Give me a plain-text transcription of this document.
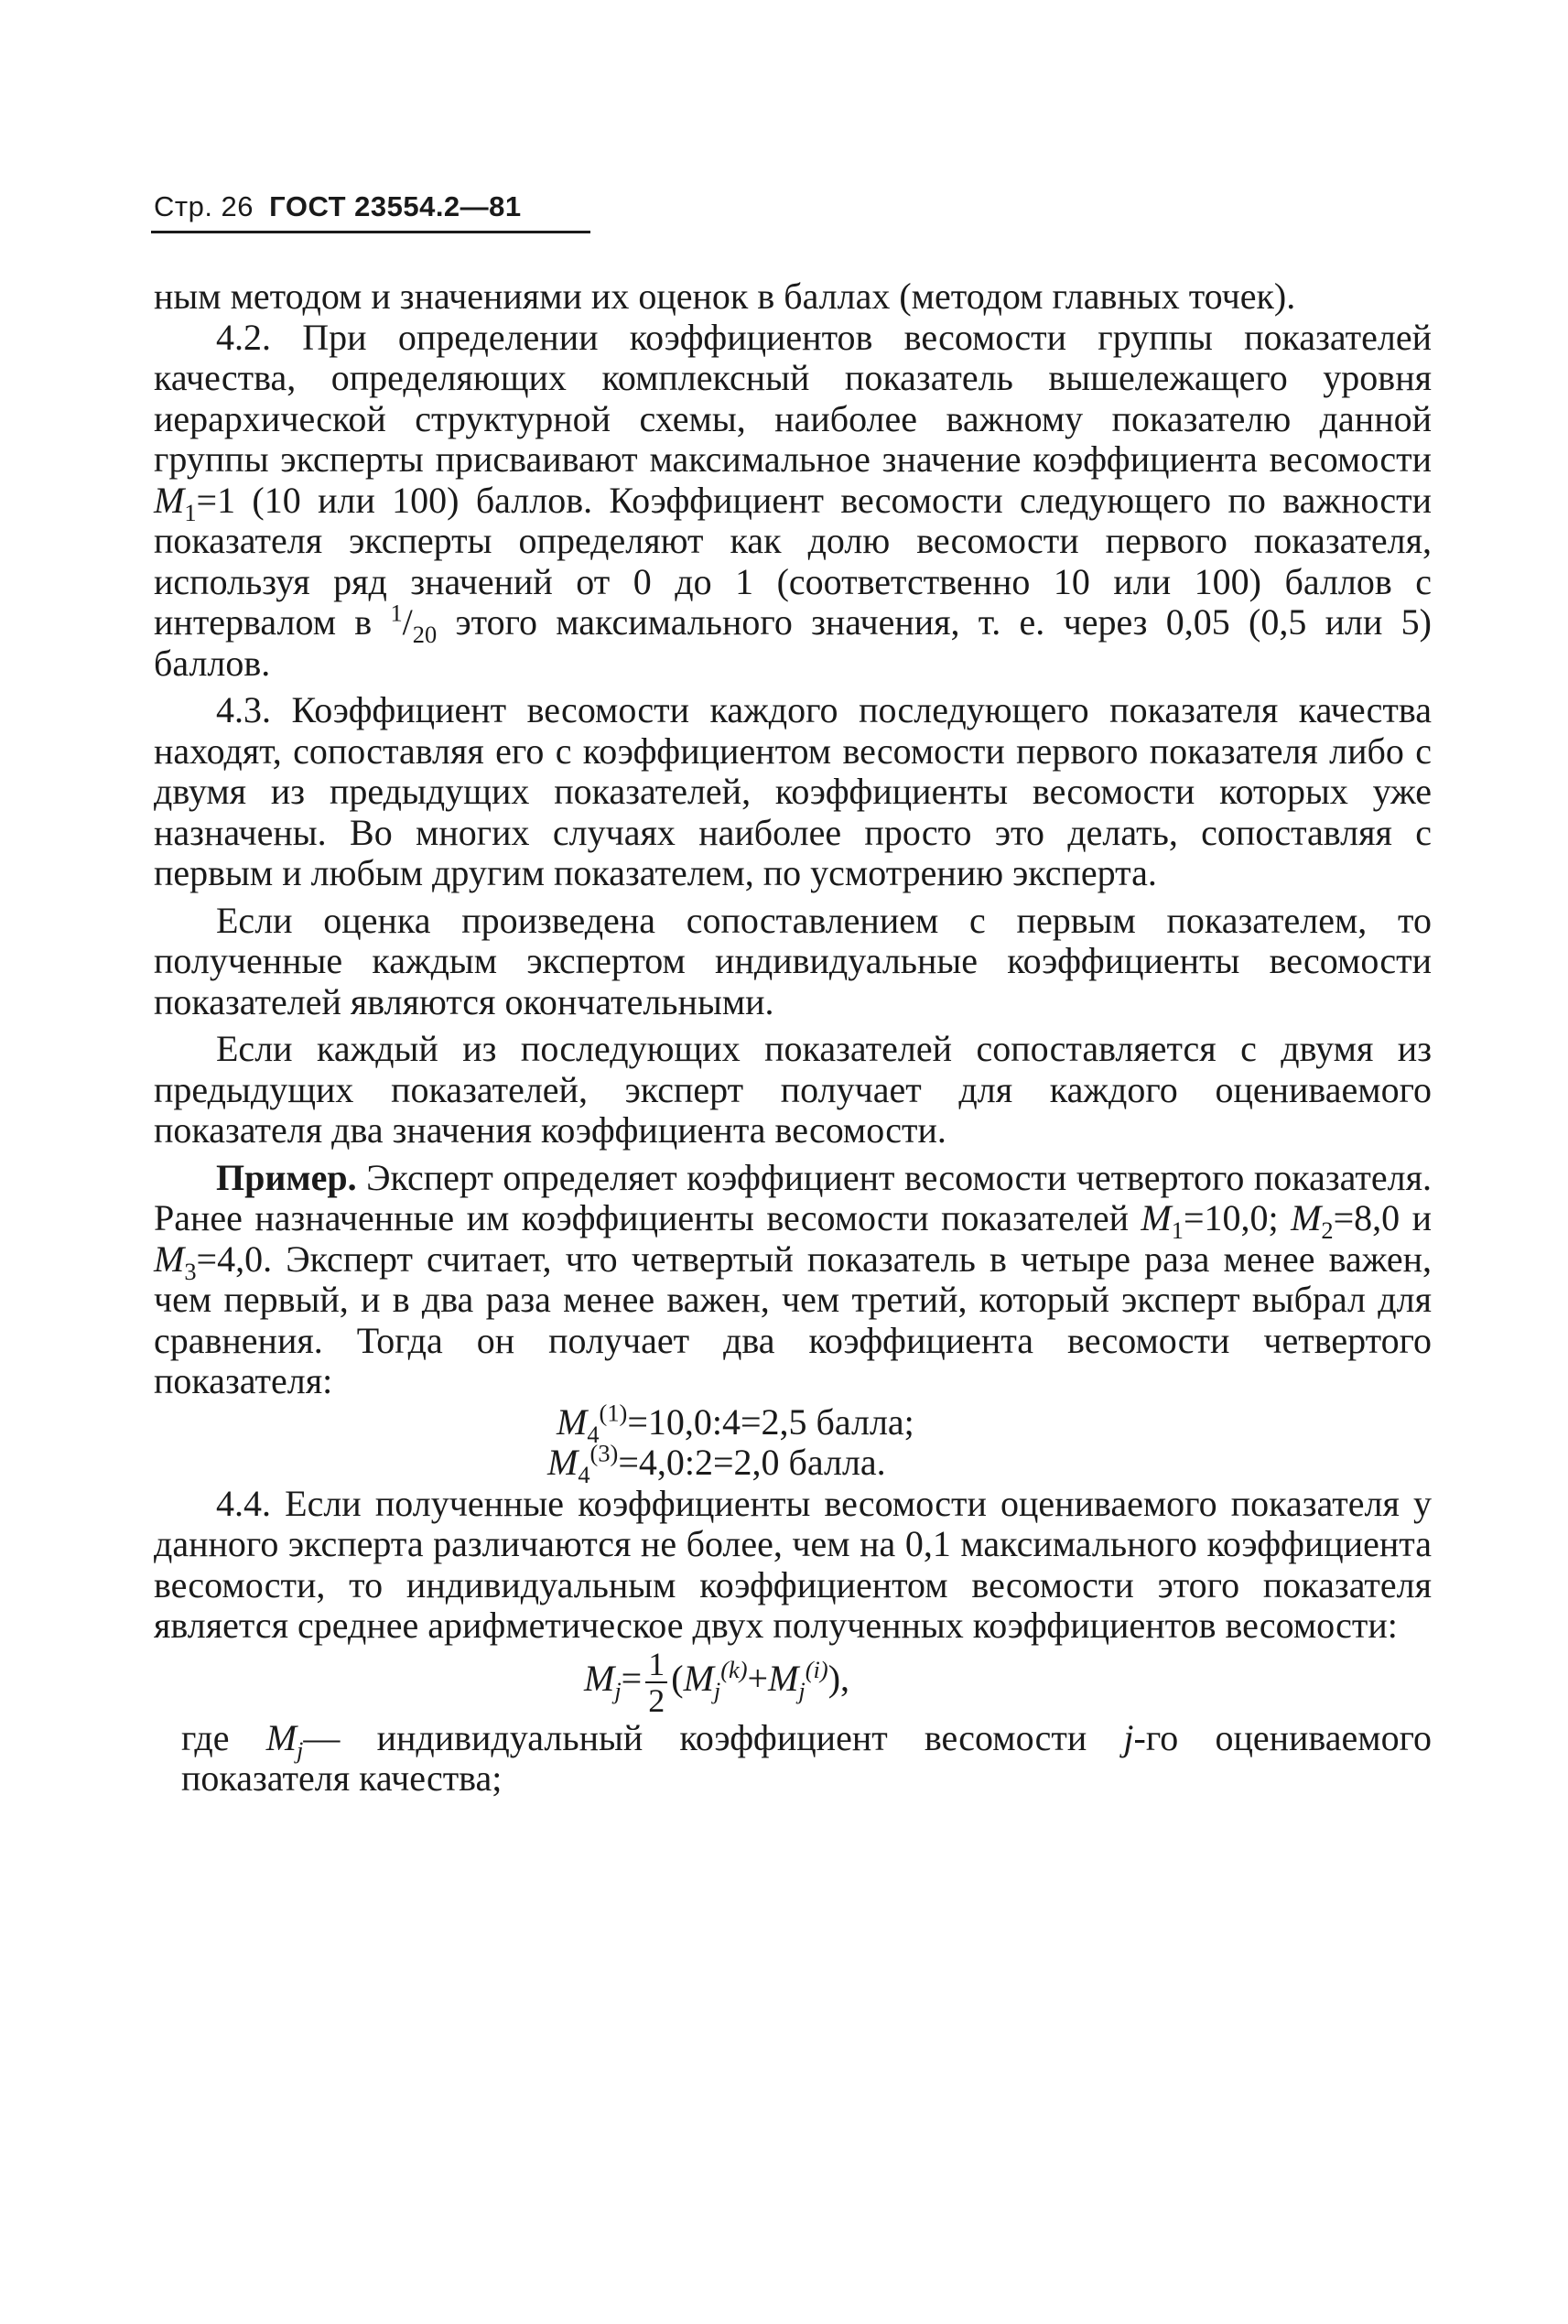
Стр. 26 ГОСТ 23554.2—81

ным методом и значениями их оценок в баллах (методом главных точек).

4.2. При определении коэффициентов весомости группы показателей качества, определяющих комплексный показатель вышележащего уровня иерархической структурной схемы, наиболее важному показателю данной группы эксперты присваивают максимальное значение коэффициента весомости $M_1=1$ (10 или 100) баллов. Коэффициент весомости следующего по важности показателя эксперты определяют как долю весомости первого показателя, используя ряд значений от 0 до 1 (соответственно 10 или 100) баллов с интервалом в $^1/_{20}$ этого максимального значения, т. е. через 0,05 (0,5 или 5) баллов.

4.3. Коэффициент весомости каждого последующего показателя качества находят, сопоставляя его с коэффициентом весомости первого показателя либо с двумя из предыдущих показателей, коэффициенты весомости которых уже назначены. Во многих случаях наиболее просто это делать, сопоставляя с первым и любым другим показателем, по усмотрению эксперта.

Если оценка произведена сопоставлением с первым показателем, то полученные каждым экспертом индивидуальные коэффициенты весомости показателей являются окончательными.

Если каждый из последующих показателей сопоставляется с двумя из предыдущих показателей, эксперт получает для каждого оцениваемого показателя два значения коэффициента весомости.

Пример. Эксперт определяет коэффициент весомости четвертого показателя. Ранее назначенные им коэффициенты весомости показателей $M_1=10,0$; $M_2=8,0$ и $M_3=4,0$. Эксперт считает, что четвертый показатель в четыре раза менее важен, чем первый, и в два раза менее важен, чем третий, который эксперт выбрал для сравнения. Тогда он получает два коэффициента весомости четвертого показателя:

$M_4^{(1)}=10,0:4=2,5$ балла;

$M_4^{(3)}=4,0:2=2,0$ балла.

4.4. Если полученные коэффициенты весомости оцениваемого показателя у данного эксперта различаются не более, чем на 0,1 максимального коэффициента весомости, то индивидуальным коэффициентом весомости этого показателя является среднее арифметическое двух полученных коэффициентов весомости:

$M_j= \frac{1}{2} (M_j^{(k)}+M_j^{(i)})$,

где $M_j—$ индивидуальный коэффициент весомости j-го оцениваемого показателя качества;
